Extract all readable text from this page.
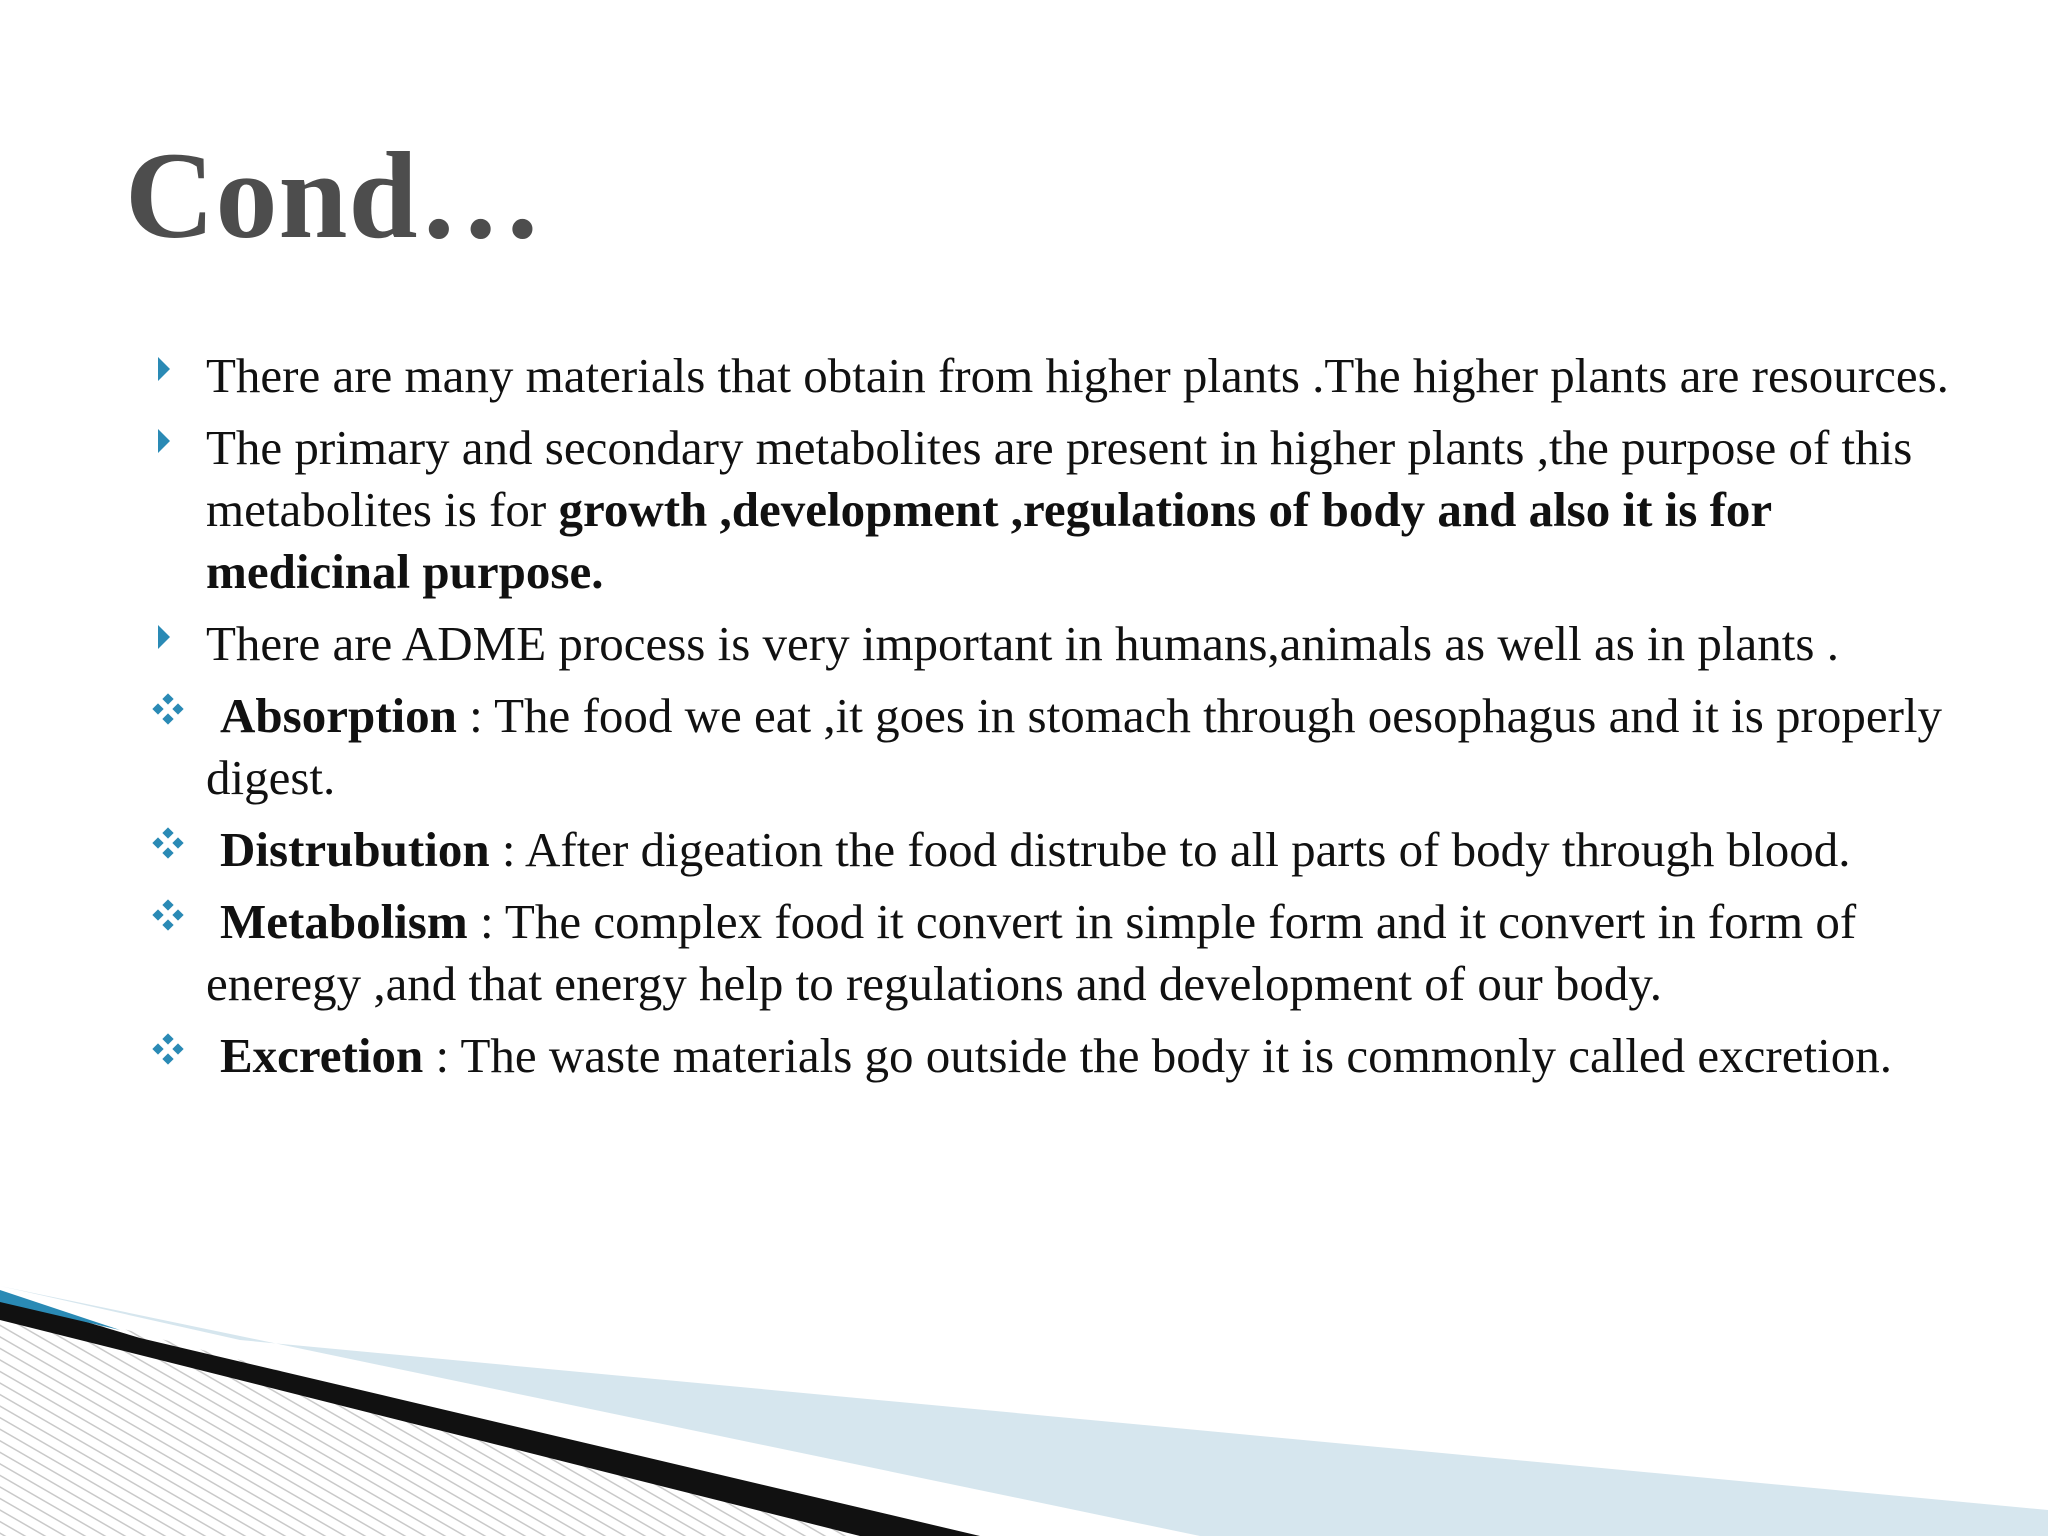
Cond…
There are many materials that obtain from higher plants .The higher plants are resources.
The primary and secondary metabolites are present in higher plants ,the purpose of this metabolites is for growth ,development ,regulations of body and also it is for medicinal purpose.
There are ADME process is very important in humans,animals as well as in plants .
Absorption : The food we eat ,it goes in stomach through oesophagus and it is properly digest.
Distrubution : After digeation the food distrube to all parts of body through blood.
Metabolism : The complex food it convert in simple form and it convert in form of eneregy ,and that energy help to regulations and development of our body.
Excretion : The waste materials go outside the body it is commonly called excretion.
